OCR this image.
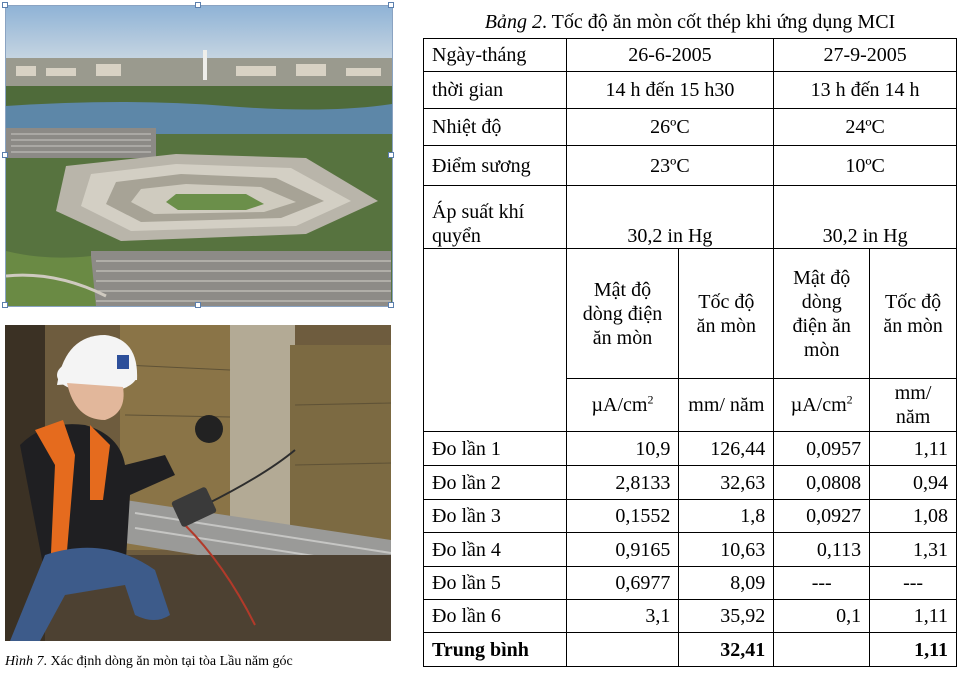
Hình 7. Xác định dòng ăn mòn tại tòa Lầu năm góc
Bảng 2. Tốc độ ăn mòn cốt thép khi ứng dụng MCI
Ngày-tháng	26-6-2005		27-9-2005	
thời gian	14 h đến 15 h30		13 h đến 14 h	
Nhiệt độ	26ºC		24ºC	
Điểm sương	23ºC		10ºC	
Áp suất khí quyển	30,2 in Hg		30,2 in Hg	
	Mật độ dòng điện ăn mòn	Tốc độ ăn mòn	Mật độ dòng điện ăn mòn	Tốc độ ăn mòn
	$\mu A/cm^2$	mm/ năm	$\mu A/cm^2$	mm/ năm
Đo lần 1	10,9	126,44	0,0957	1,11
Đo lần 2	2,8133	32,63	0,0808	0,94
Đo lần 3	0,1552	1,8	0,0927	1,08
Đo lần 4	0,9165	10,63	0,113	1,31
Đo lần 5	0,6977	8,09	---	---
Đo lần 6	3,1	35,92	0,1	1,11
Trung bình		32,41		1,11
